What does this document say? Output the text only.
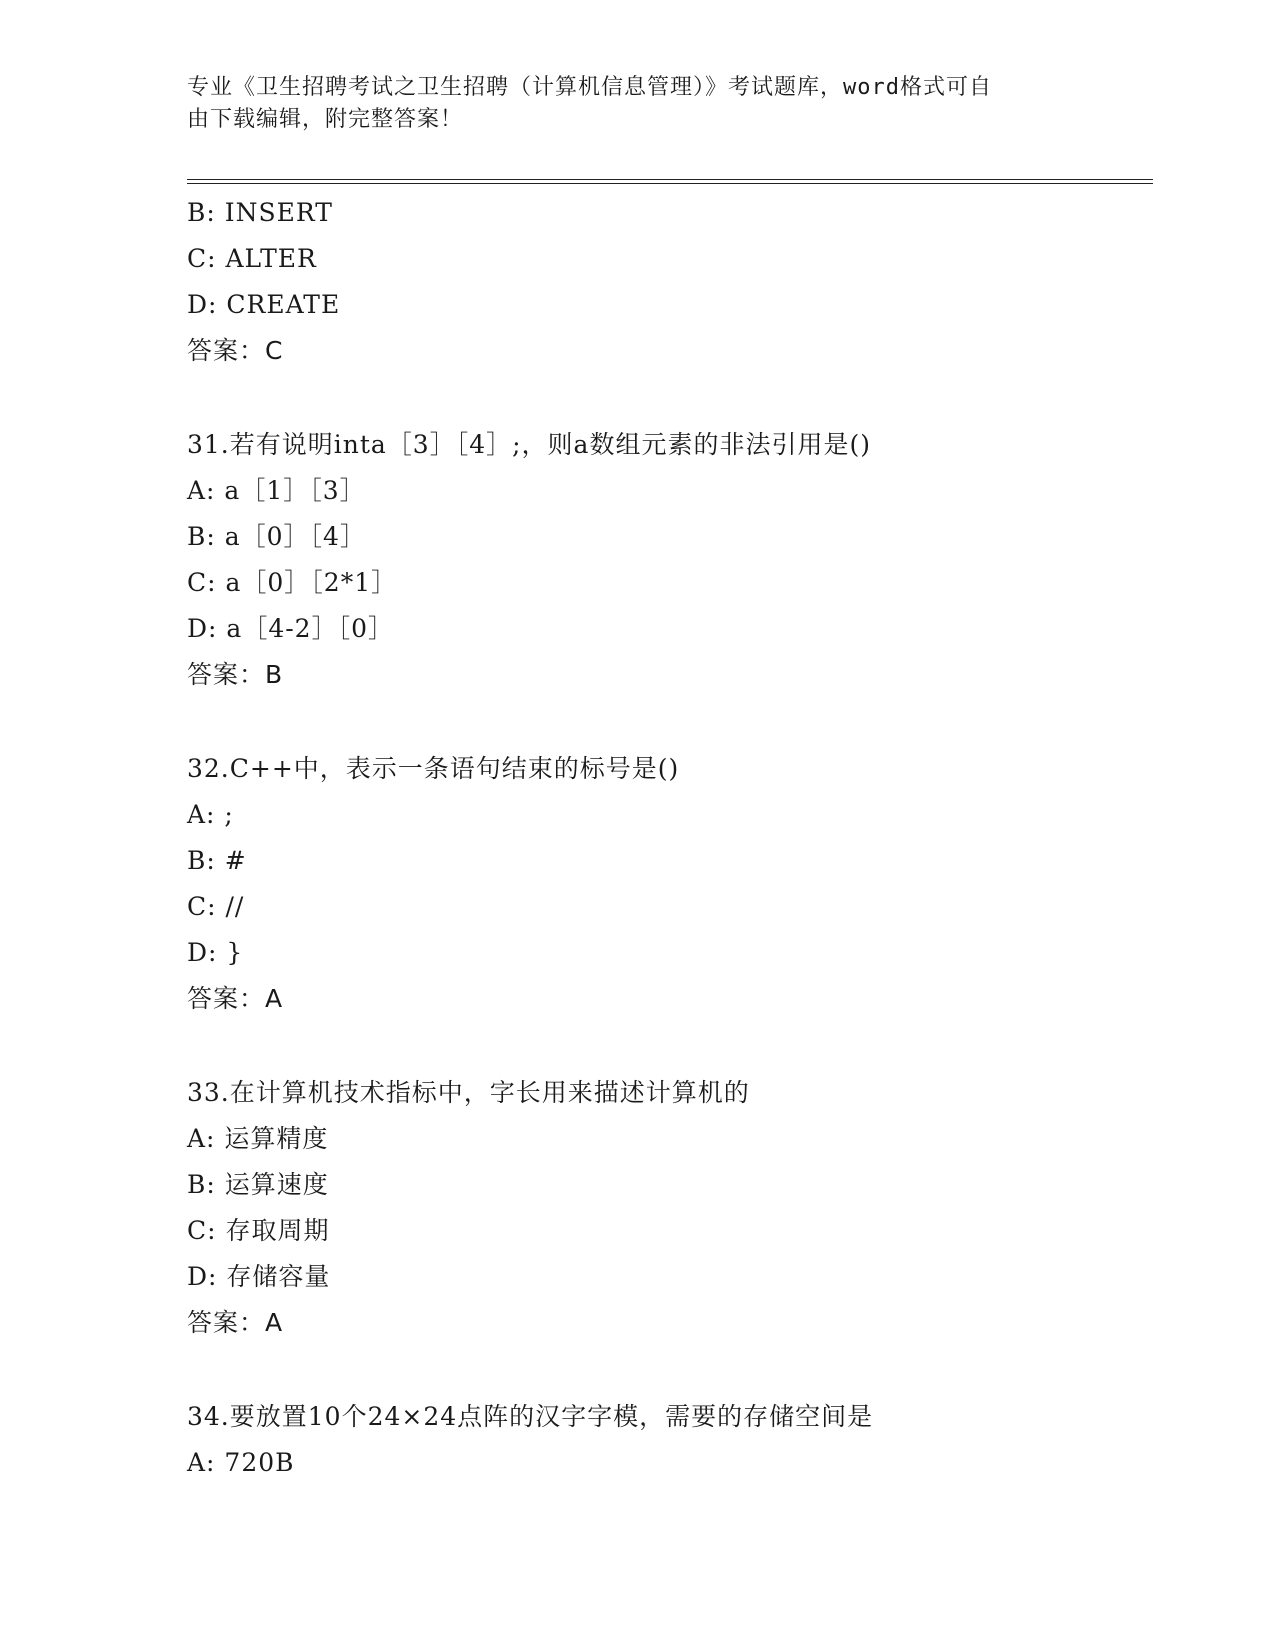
专业《卫生招聘考试之卫生招聘（计算机信息管理）》考试题库，word格式可自
由下载编辑，附完整答案！
B: INSERT
C: ALTER
D: CREATE
答案：C
31.若有说明inta［3］［4］;，则a数组元素的非法引用是()
A: a［1］［3］
B: a［0］［4］
C: a［0］［2*1］
D: a［4-2］［0］
答案：B
32.C++中，表示一条语句结束的标号是()
A: ;
B: #
C: //
D: }
答案：A
33.在计算机技术指标中，字长用来描述计算机的
A: 运算精度
B: 运算速度
C: 存取周期
D: 存储容量
答案：A
34.要放置10个24×24点阵的汉字字模，需要的存储空间是
A: 720B
